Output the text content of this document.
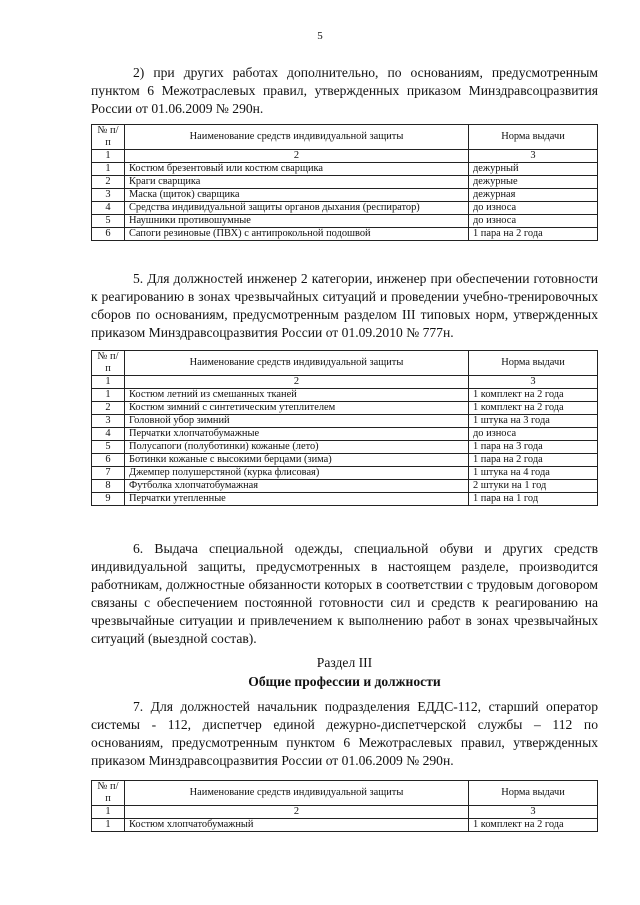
5
2) при других работах дополнительно, по основаниям, предусмотренным пунктом 6 Межотраслевых правил, утвержденных приказом Минздравсоцразвития России от 01.06.2009 № 290н.
№ п/п	Наименование средств индивидуальной защиты	Норма выдачи
1	2	3
1	Костюм брезентовый или костюм сварщика	дежурный
2	Краги сварщика	дежурные
3	Маска (щиток) сварщика	дежурная
4	Средства индивидуальной защиты органов дыхания (респиратор)	до износа
5	Наушники противошумные	до износа
6	Сапоги резиновые (ПВХ) с антипрокольной подошвой	1 пара на 2 года
5. Для должностей инженер 2 категории, инженер при обеспечении готовности к реагированию в зонах чрезвычайных ситуаций и проведении учебно-тренировочных сборов по основаниям, предусмотренным разделом III типовых норм, утвержденных приказом Минздравсоцразвития России от 01.09.2010 № 777н.
№ п/п	Наименование средств индивидуальной защиты	Норма выдачи
1	2	3
1	Костюм летний из смешанных тканей	1 комплект на 2 года
2	Костюм зимний с синтетическим утеплителем	1 комплект на 2 года
3	Головной убор зимний	1 штука на 3 года
4	Перчатки хлопчатобумажные	до износа
5	Полусапоги (полуботинки) кожаные (лето)	1 пара на 3 года
6	Ботинки кожаные с высокими берцами (зима)	1 пара на 2 года
7	Джемпер полушерстяной (курка флисовая)	1 штука на 4 года
8	Футболка хлопчатобумажная	2 штуки на 1 год
9	Перчатки утепленные	1 пара на 1 год
6. Выдача специальной одежды, специальной обуви и других средств индивидуальной защиты, предусмотренных в настоящем разделе, производится работникам, должностные обязанности которых в соответствии с трудовым договором связаны с обеспечением постоянной готовности сил и средств к реагированию на чрезвычайные ситуации и привлечением к выполнению работ в зонах чрезвычайных ситуаций (выездной состав).
Раздел III
Общие профессии и должности
7. Для должностей начальник подразделения ЕДДС-112, старший оператор системы - 112, диспетчер единой дежурно-диспетчерской службы – 112 по основаниям, предусмотренным пунктом 6 Межотраслевых правил, утвержденных приказом Минздравсоцразвития России от 01.06.2009 № 290н.
№ п/п	Наименование средств индивидуальной защиты	Норма выдачи
1	2	3
1	Костюм хлопчатобумажный	1 комплект на 2 года
